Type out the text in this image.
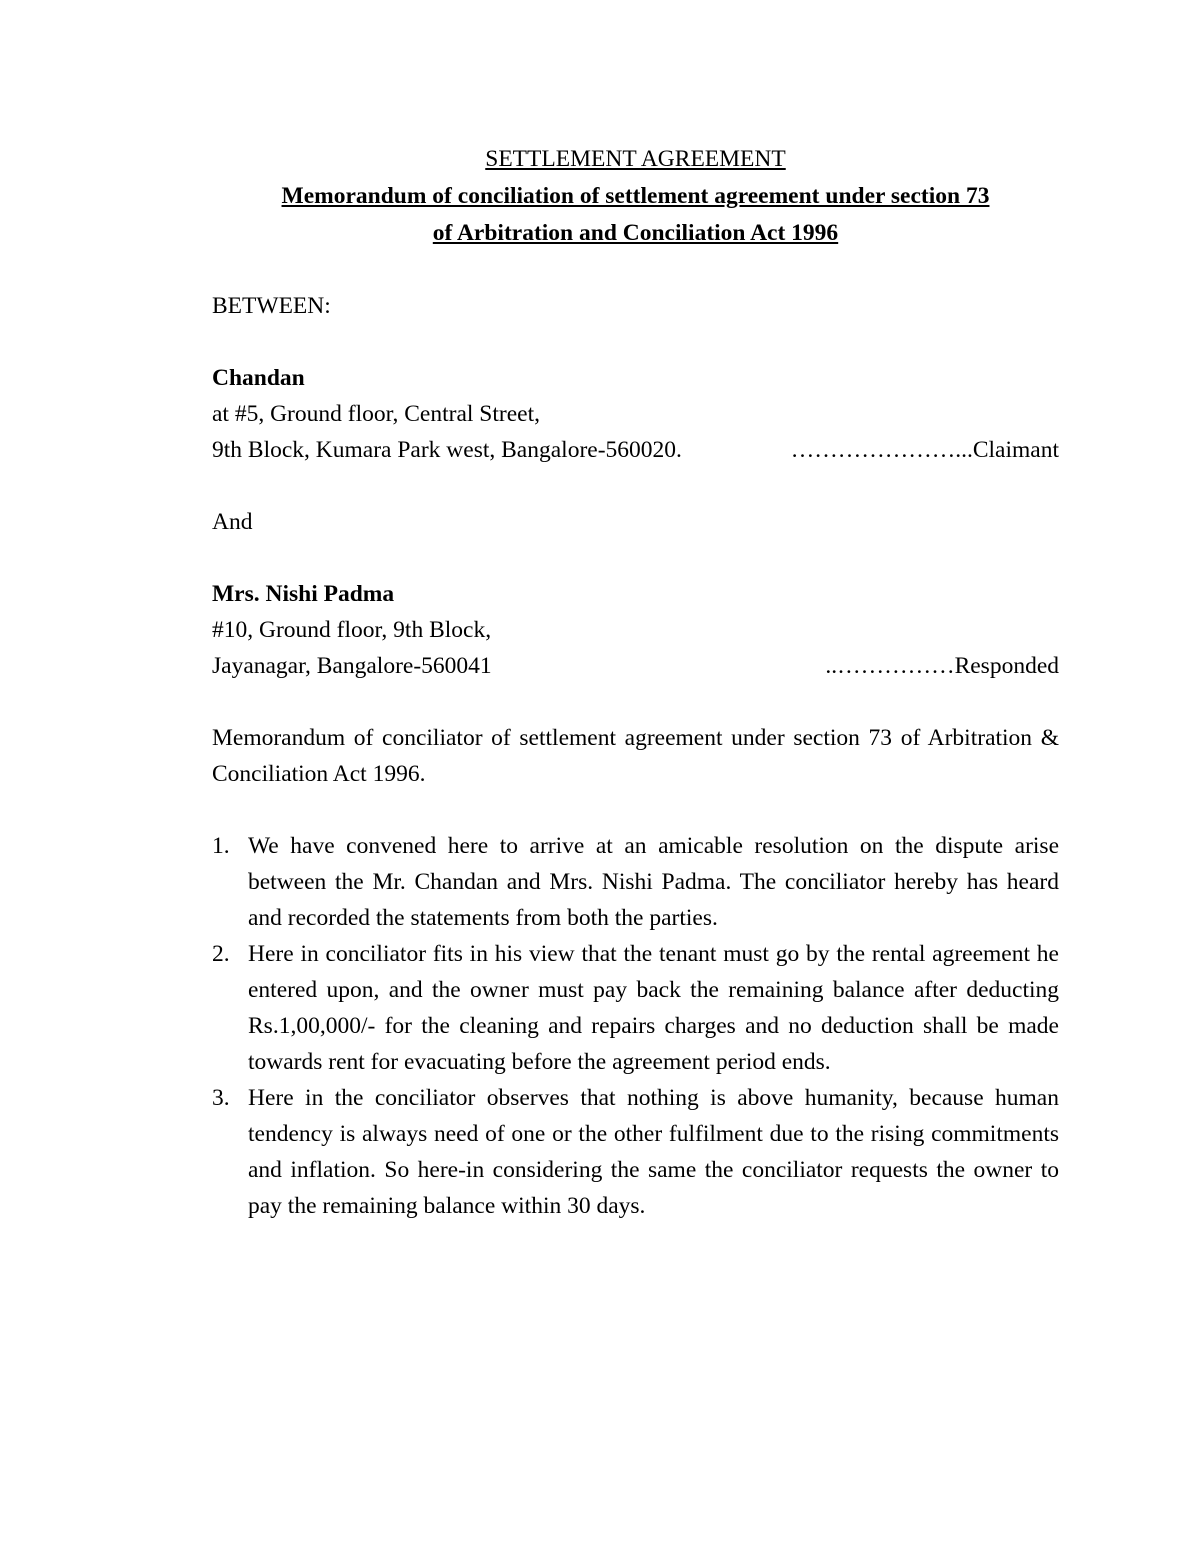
SETTLEMENT AGREEMENT
Memorandum of conciliation of settlement agreement under section 73
of Arbitration and Conciliation Act 1996
BETWEEN:
Chandan
at #5, Ground floor, Central Street,
9th Block, Kumara Park west, Bangalore-560020.	…………………. ..Claimant
And
Mrs. Nishi Padma
#10, Ground floor, 9th Block,
Jayanagar, Bangalore-560041	..…………… Responded
Memorandum of conciliator of settlement agreement under section 73 of Arbitration & Conciliation Act 1996.
1. We have convened here to arrive at an amicable resolution on the dispute arise between the Mr. Chandan and Mrs. Nishi Padma. The conciliator hereby has heard and recorded the statements from both the parties.
2. Here in conciliator fits in his view that the tenant must go by the rental agreement he entered upon, and the owner must pay back the remaining balance after deducting Rs.1,00,000/- for the cleaning and repairs charges and no deduction shall be made towards rent for evacuating before the agreement period ends.
3. Here in the conciliator observes that nothing is above humanity, because human tendency is always need of one or the other fulfilment due to the rising commitments and inflation. So here-in considering the same the conciliator requests the owner to pay the remaining balance within 30 days.
